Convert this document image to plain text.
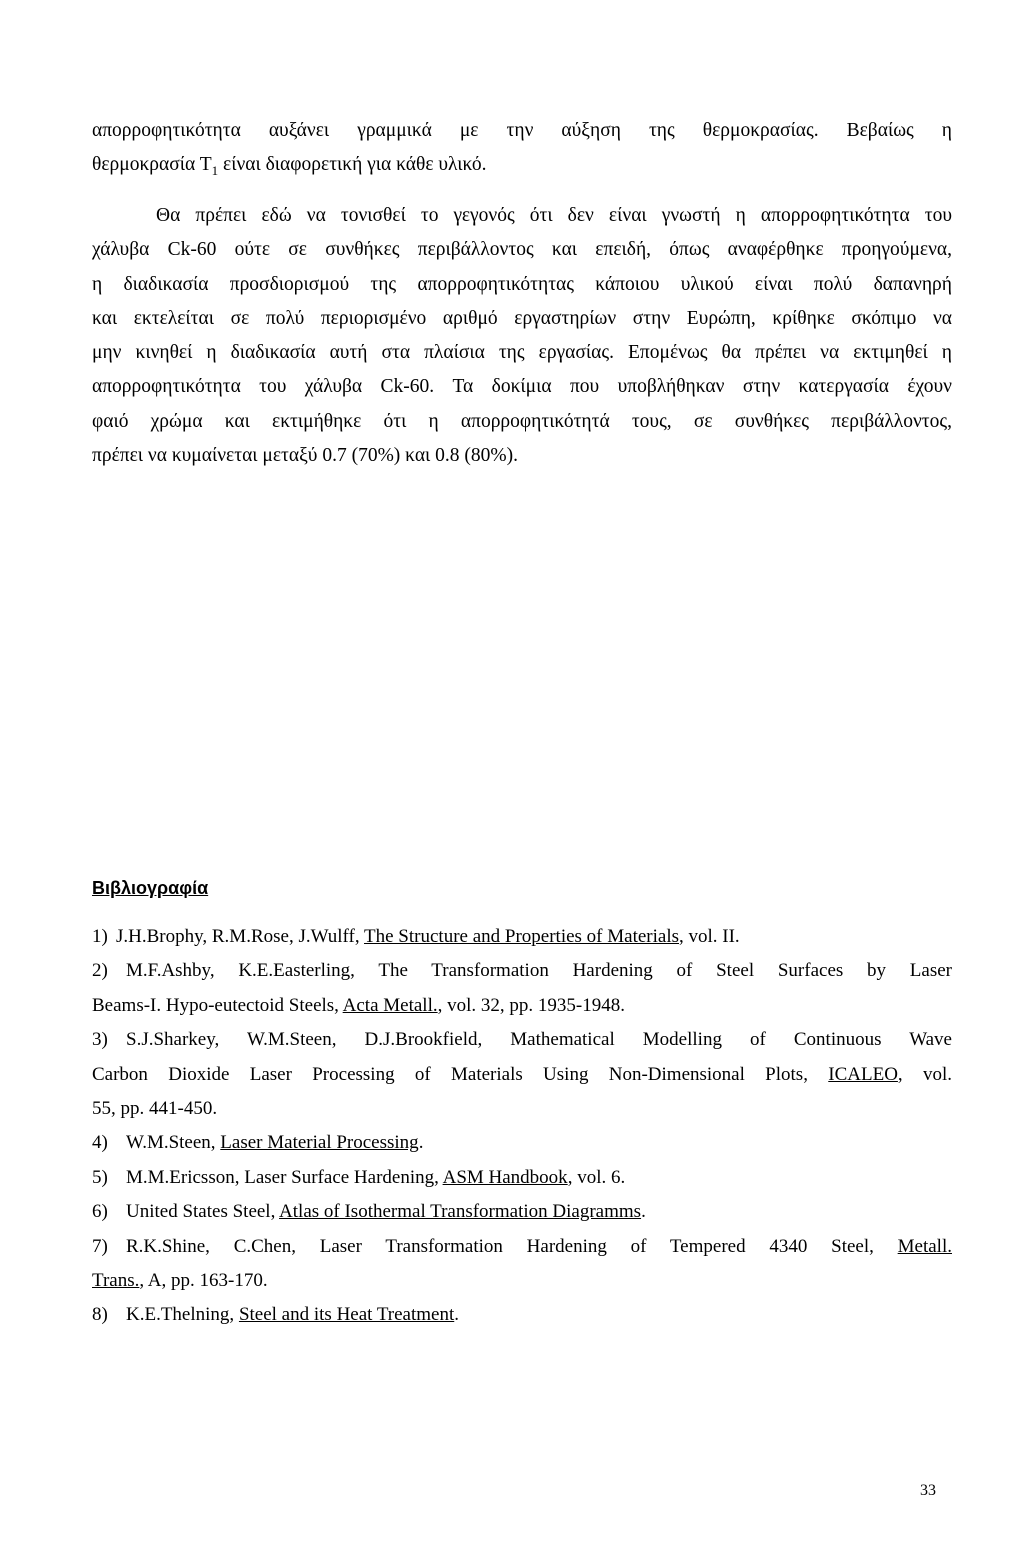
απορροφητικότητα αυξάνει γραμμικά με την αύξηση της θερμοκρασίας. Βεβαίως η
θερμοκρασία $T_1$ είναι διαφορετική για κάθε υλικό.
Θα πρέπει εδώ να τονισθεί το γεγονός ότι δεν είναι γνωστή η απορροφητικότητα του
χάλυβα Ck-60 ούτε σε συνθήκες περιβάλλοντος και επειδή, όπως αναφέρθηκε προηγούμενα,
η διαδικασία προσδιορισμού της απορροφητικότητας κάποιου υλικού είναι πολύ δαπανηρή
και εκτελείται σε πολύ περιορισμένο αριθμό εργαστηρίων στην Ευρώπη, κρίθηκε σκόπιμο να
μην κινηθεί η διαδικασία αυτή στα πλαίσια της εργασίας. Επομένως θα πρέπει να εκτιμηθεί η
απορροφητικότητα του χάλυβα Ck-60. Τα δοκίμια που υποβλήθηκαν στην κατεργασία έχουν
φαιό χρώμα και εκτιμήθηκε ότι η απορροφητικότητά τους, σε συνθήκες περιβάλλοντος,
πρέπει να κυμαίνεται μεταξύ 0.7 (70%) και 0.8 (80%).
Βιβλιογραφία
1) J.H.Brophy, R.M.Rose, J.Wulff, The Structure and Properties of Materials, vol. II.
2) M.F.Ashby, K.E.Easterling, The Transformation Hardening of Steel Surfaces by Laser
Beams-I. Hypo-eutectoid Steels, Acta Metall., vol. 32, pp. 1935-1948.
3) S.J.Sharkey, W.M.Steen, D.J.Brookfield, Mathematical Modelling of Continuous Wave
Carbon Dioxide Laser Processing of Materials Using Non-Dimensional Plots, ICALEO, vol.
55, pp. 441-450.
4) W.M.Steen, Laser Material Processing.
5) M.M.Ericsson, Laser Surface Hardening, ASM Handbook, vol. 6.
6) United States Steel, Atlas of Isothermal Transformation Diagramms.
7) R.K.Shine, C.Chen, Laser Transformation Hardening of Tempered 4340 Steel, Metall.
Trans., A, pp. 163-170.
8) K.E.Thelning, Steel and its Heat Treatment.
33
